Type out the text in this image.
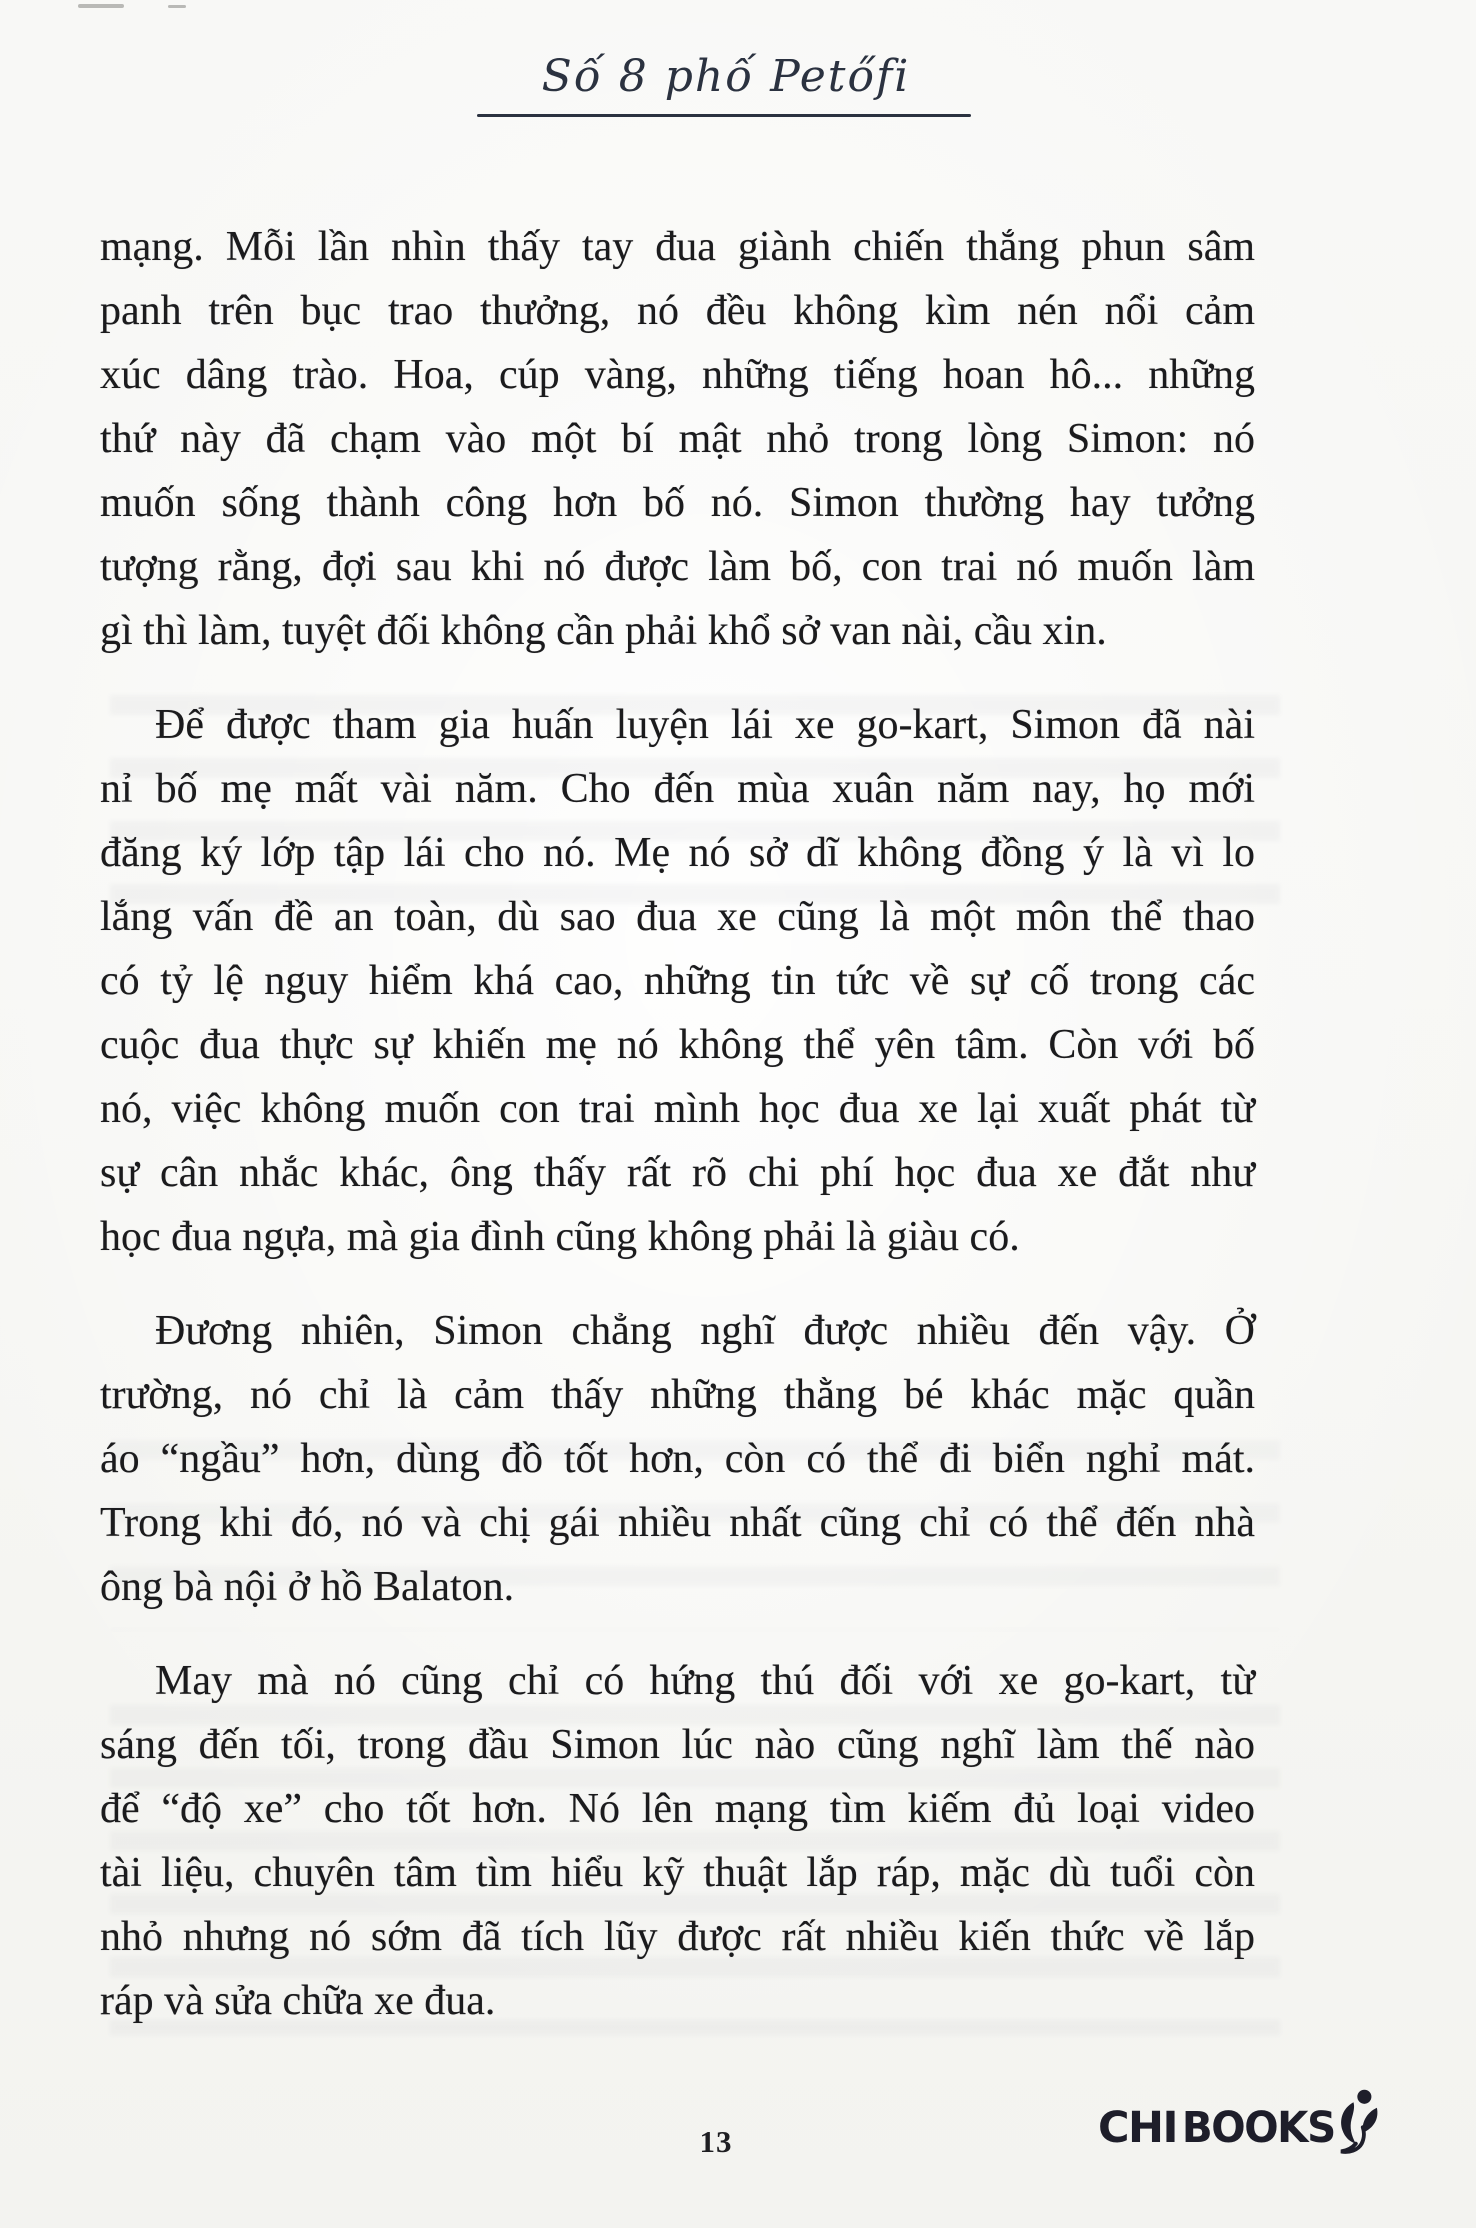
Số 8 phố Petőfi
mạng. Mỗi lần nhìn thấy tay đua giành chiến thắng phun sâm
panh trên bục trao thưởng, nó đều không kìm nén nổi cảm
xúc dâng trào. Hoa, cúp vàng, những tiếng hoan hô... những
thứ này đã chạm vào một bí mật nhỏ trong lòng Simon: nó
muốn sống thành công hơn bố nó. Simon thường hay tưởng
tượng rằng, đợi sau khi nó được làm bố, con trai nó muốn làm
gì thì làm, tuyệt đối không cần phải khổ sở van nài, cầu xin.
Để được tham gia huấn luyện lái xe go-kart, Simon đã nài
nỉ bố mẹ mất vài năm. Cho đến mùa xuân năm nay, họ mới
đăng ký lớp tập lái cho nó. Mẹ nó sở dĩ không đồng ý là vì lo
lắng vấn đề an toàn, dù sao đua xe cũng là một môn thể thao
có tỷ lệ nguy hiểm khá cao, những tin tức về sự cố trong các
cuộc đua thực sự khiến mẹ nó không thể yên tâm. Còn với bố
nó, việc không muốn con trai mình học đua xe lại xuất phát từ
sự cân nhắc khác, ông thấy rất rõ chi phí học đua xe đắt như
học đua ngựa, mà gia đình cũng không phải là giàu có.
Đương nhiên, Simon chẳng nghĩ được nhiều đến vậy. Ở
trường, nó chỉ là cảm thấy những thằng bé khác mặc quần
áo “ngầu” hơn, dùng đồ tốt hơn, còn có thể đi biển nghỉ mát.
Trong khi đó, nó và chị gái nhiều nhất cũng chỉ có thể đến nhà
ông bà nội ở hồ Balaton.
May mà nó cũng chỉ có hứng thú đối với xe go-kart, từ
sáng đến tối, trong đầu Simon lúc nào cũng nghĩ làm thế nào
để “độ xe” cho tốt hơn. Nó lên mạng tìm kiếm đủ loại video
tài liệu, chuyên tâm tìm hiểu kỹ thuật lắp ráp, mặc dù tuổi còn
nhỏ nhưng nó sớm đã tích lũy được rất nhiều kiến thức về lắp
ráp và sửa chữa xe đua.
13	CHI BOOKS
